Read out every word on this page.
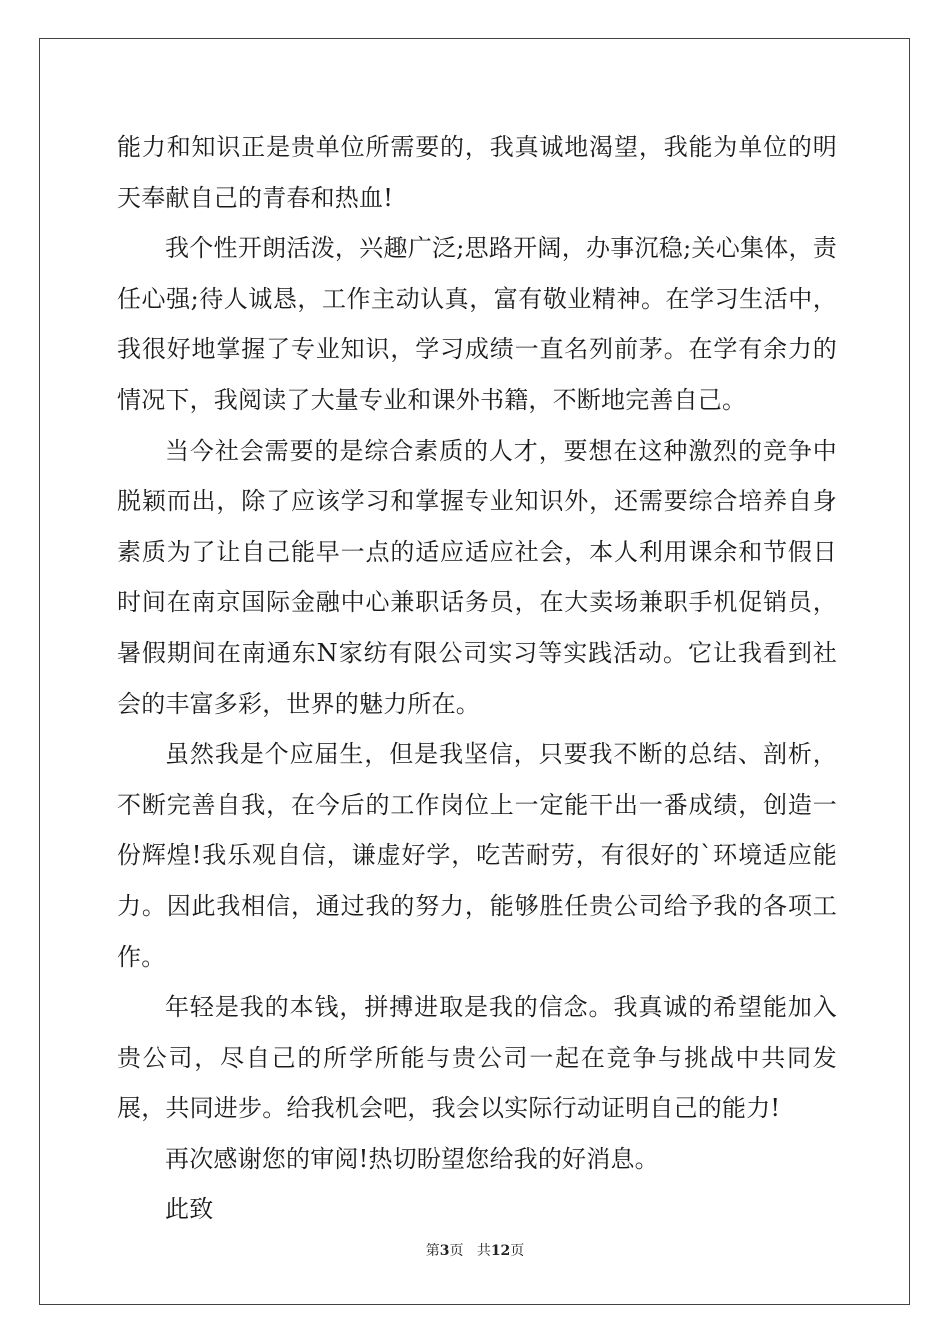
能力和知识正是贵单位所需要的，我真诚地渴望，我能为单位的明天奉献自己的青春和热血!

我个性开朗活泼，兴趣广泛;思路开阔，办事沉稳;关心集体，责任心强;待人诚恳，工作主动认真，富有敬业精神。在学习生活中，我很好地掌握了专业知识，学习成绩一直名列前茅。在学有余力的情况下，我阅读了大量专业和课外书籍，不断地完善自己。

当今社会需要的是综合素质的人才，要想在这种激烈的竞争中脱颖而出，除了应该学习和掌握专业知识外，还需要综合培养自身素质为了让自己能早一点的适应适应社会，本人利用课余和节假日时间在南京国际金融中心兼职话务员，在大卖场兼职手机促销员，暑假期间在南通东N家纺有限公司实习等实践活动。它让我看到社会的丰富多彩，世界的魅力所在。

虽然我是个应届生，但是我坚信，只要我不断的总结、剖析，不断完善自我，在今后的工作岗位上一定能干出一番成绩，创造一份辉煌!我乐观自信，谦虚好学，吃苦耐劳，有很好的`环境适应能力。因此我相信，通过我的努力，能够胜任贵公司给予我的各项工作。

年轻是我的本钱，拼搏进取是我的信念。我真诚的希望能加入贵公司，尽自己的所学所能与贵公司一起在竞争与挑战中共同发展，共同进步。给我机会吧，我会以实际行动证明自己的能力!

再次感谢您的审阅!热切盼望您给我的好消息。

此致

第3页 共12页
